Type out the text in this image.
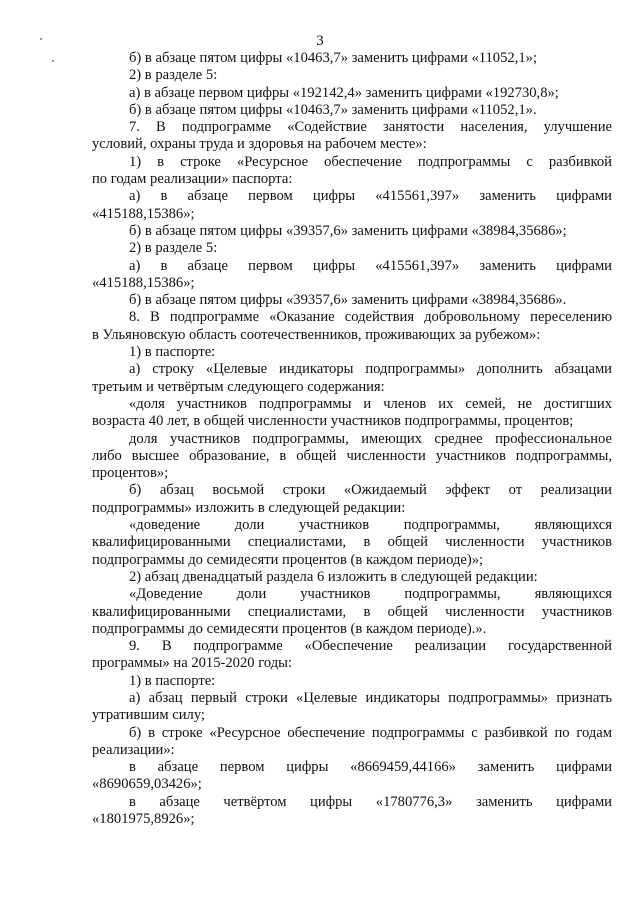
3
б) в абзаце пятом цифры «10463,7» заменить цифрами «11052,1»;
2) в разделе 5:
а) в абзаце первом цифры «192142,4» заменить цифрами «192730,8»;
б) в абзаце пятом цифры «10463,7» заменить цифрами «11052,1».
7. В подпрограмме «Содействие занятости населения, улучшение
условий, охраны труда и здоровья на рабочем месте»:
1) в строке «Ресурсное обеспечение подпрограммы с разбивкой
по годам реализации» паспорта:
а) в абзаце первом цифры «415561,397» заменить цифрами
«415188,15386»;
б) в абзаце пятом цифры «39357,6» заменить цифрами «38984,35686»;
2) в разделе 5:
а) в абзаце первом цифры «415561,397» заменить цифрами
«415188,15386»;
б) в абзаце пятом цифры «39357,6» заменить цифрами «38984,35686».
8. В подпрограмме «Оказание содействия добровольному переселению
в Ульяновскую область соотечественников, проживающих за рубежом»:
1) в паспорте:
а) строку «Целевые индикаторы подпрограммы» дополнить абзацами
третьим и четвёртым следующего содержания:
«доля участников подпрограммы и членов их семей, не достигших
возраста 40 лет, в общей численности участников подпрограммы, процентов;
доля участников подпрограммы, имеющих среднее профессиональное
либо высшее образование, в общей численности участников подпрограммы,
процентов»;
б) абзац восьмой строки «Ожидаемый эффект от реализации
подпрограммы» изложить в следующей редакции:
«доведение доли участников подпрограммы, являющихся
квалифицированными специалистами, в общей численности участников
подпрограммы до семидесяти процентов (в каждом периоде)»;
2) абзац двенадцатый раздела 6 изложить в следующей редакции:
«Доведение доли участников подпрограммы, являющихся
квалифицированными специалистами, в общей численности участников
подпрограммы до семидесяти процентов (в каждом периоде).».
9. В подпрограмме «Обеспечение реализации государственной
программы» на 2015-2020 годы:
1) в паспорте:
а) абзац первый строки «Целевые индикаторы подпрограммы» признать
утратившим силу;
б) в строке «Ресурсное обеспечение подпрограммы с разбивкой по годам
реализации»:
в абзаце первом цифры «8669459,44166» заменить цифрами
«8690659,03426»;
в абзаце четвёртом цифры «1780776,3» заменить цифрами
«1801975,8926»;
